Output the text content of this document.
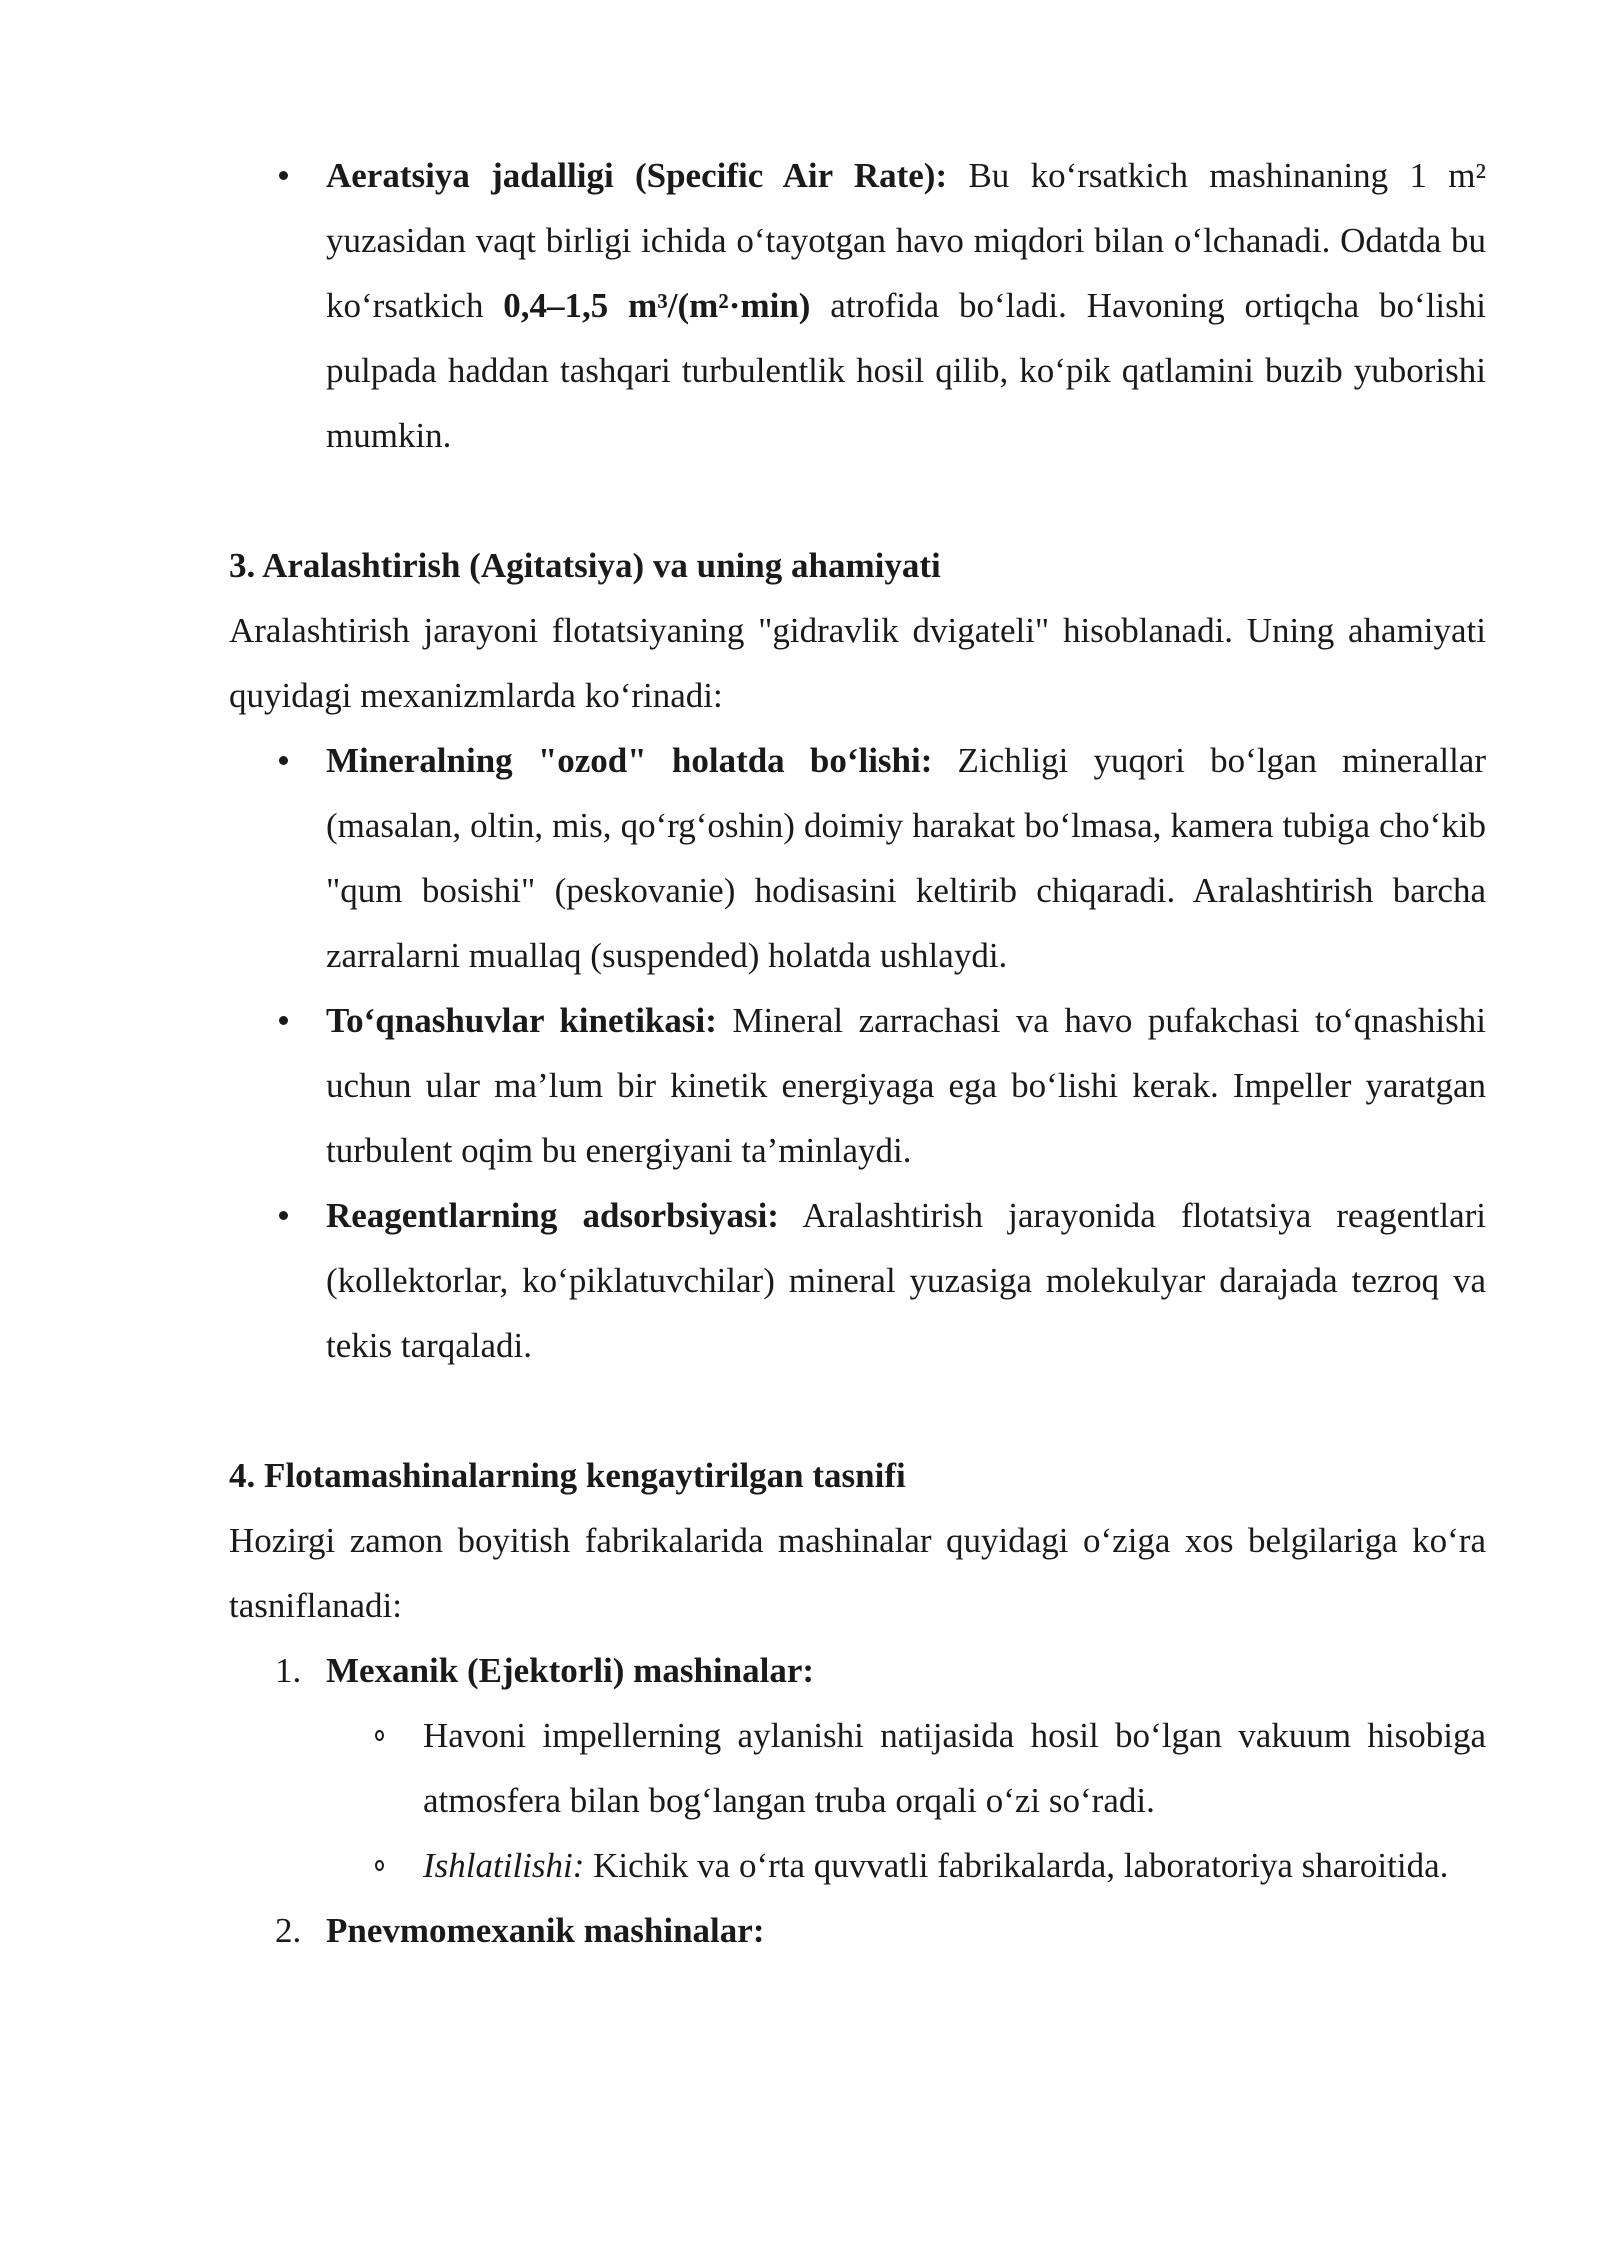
Aeratsiya jadalligi (Specific Air Rate): Bu ko‘rsatkich mashinaning 1 m² yuzasidan vaqt birligi ichida o‘tayotgan havo miqdori bilan o‘lchanadi. Odatda bu ko‘rsatkich 0,4–1,5 m³/(m²·min) atrofida bo‘ladi. Havoning ortiqcha bo‘lishi pulpada haddan tashqari turbulentlik hosil qilib, ko‘pik qatlamini buzib yuborishi mumkin.
3. Aralashtirish (Agitatsiya) va uning ahamiyati

Aralashtirish jarayoni flotatsiyaning "gidravlik dvigateli" hisoblanadi. Uning ahamiyati quyidagi mexanizmlarda ko‘rinadi:

Mineralning "ozod" holatda bo‘lishi: Zichligi yuqori bo‘lgan minerallar (masalan, oltin, mis, qo‘rg‘oshin) doimiy harakat bo‘lmasa, kamera tubiga cho‘kib "qum bosishi" (peskovanie) hodisasini keltirib chiqaradi. Aralashtirish barcha zarralarni muallaq (suspended) holatda ushlaydi.
To‘qnashuvlar kinetikasi: Mineral zarrachasi va havo pufakchasi to‘qnashishi uchun ular ma’lum bir kinetik energiyaga ega bo‘lishi kerak. Impeller yaratgan turbulent oqim bu energiyani ta’minlaydi.
Reagentlarning adsorbsiyasi: Aralashtirish jarayonida flotatsiya reagentlari (kollektorlar, ko‘piklatuvchilar) mineral yuzasiga molekulyar darajada tezroq va tekis tarqaladi.
4. Flotamashinalarning kengaytirilgan tasnifi

Hozirgi zamon boyitish fabrikalarida mashinalar quyidagi o‘ziga xos belgilariga ko‘ra tasniflanadi:

1. Mexanik (Ejektorli) mashinalar:
Havoni impellerning aylanishi natijasida hosil bo‘lgan vakuum hisobiga atmosfera bilan bog‘langan truba orqali o‘zi so‘radi.
Ishlatilishi: Kichik va o‘rta quvvatli fabrikalarda, laboratoriya sharoitida.
2. Pnevmomexanik mashinalar:
